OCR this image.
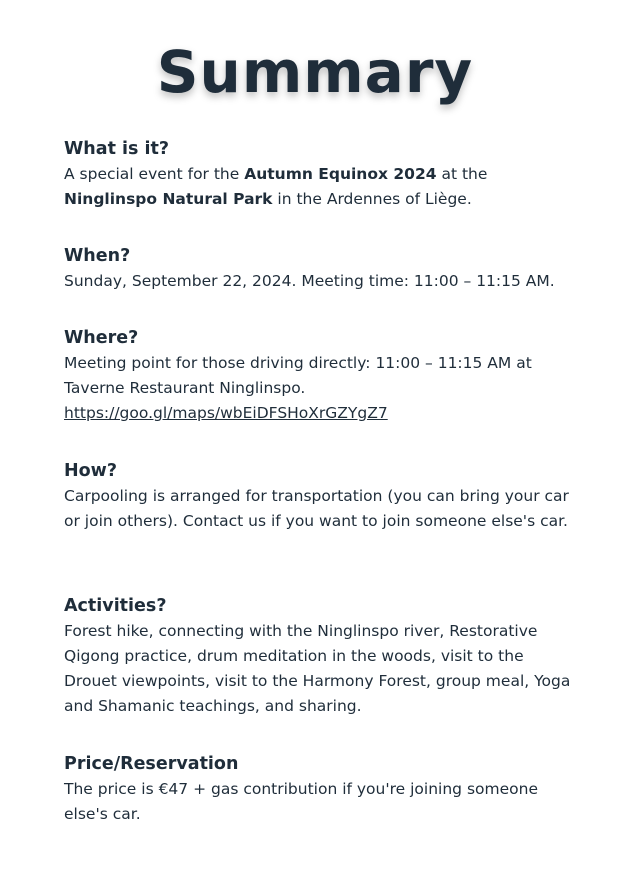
Summary
What is it?
A special event for the Autumn Equinox 2024 at the Ninglinspo Natural Park in the Ardennes of Liège.
When?
Sunday, September 22, 2024. Meeting time: 11:00 – 11:15 AM.
Where?
Meeting point for those driving directly: 11:00 – 11:15 AM at Taverne Restaurant Ninglinspo.
https://goo.gl/maps/wbEiDFSHoXrGZYgZ7
How?
Carpooling is arranged for transportation (you can bring your car or join others). Contact us if you want to join someone else's car.
Activities?
Forest hike, connecting with the Ninglinspo river, Restorative Qigong practice, drum meditation in the woods, visit to the Drouet viewpoints, visit to the Harmony Forest, group meal, Yoga and Shamanic teachings, and sharing.
Price/Reservation
The price is €47 + gas contribution if you're joining someone else's car.
